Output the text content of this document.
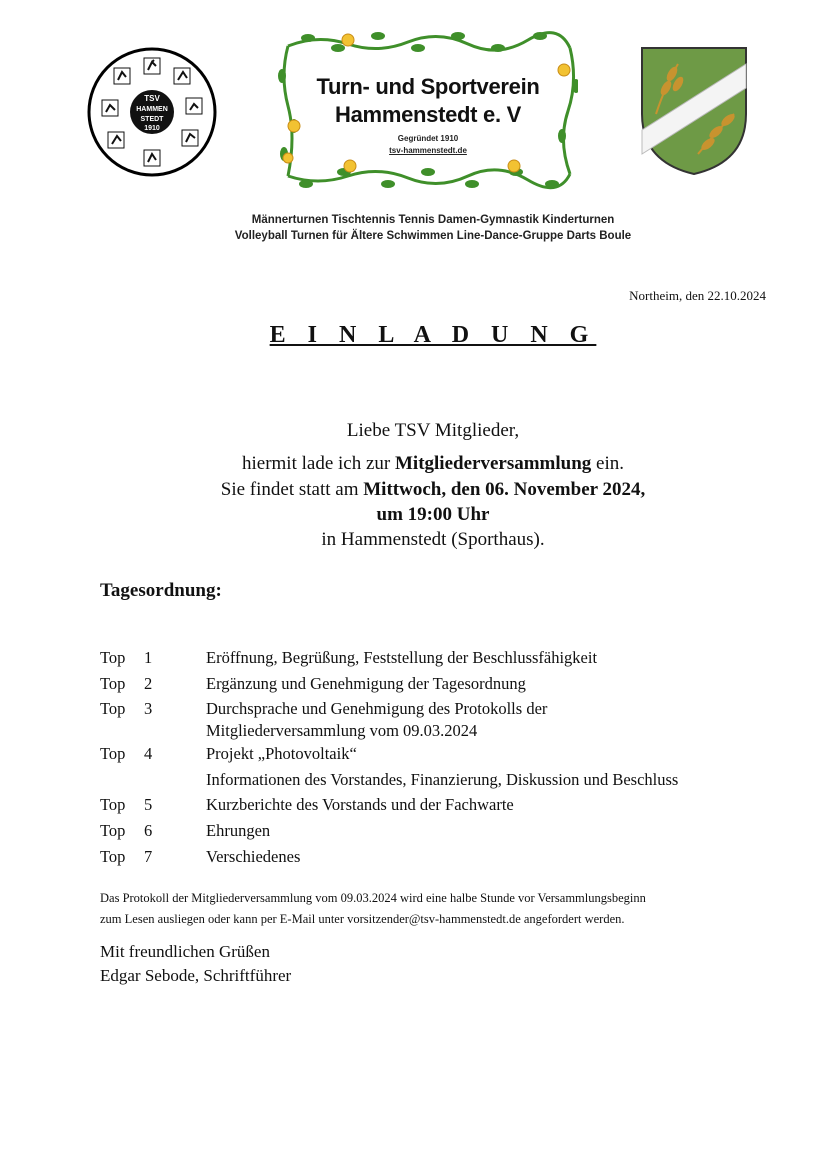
TSV
HAMMEN
STEDT
1910
Turn- und Sportverein
Hammenstedt e. V
Gegründet 1910
tsv-hammenstedt.de
Männerturnen Tischtennis Tennis Damen-Gymnastik Kinderturnen
Volleyball Turnen für Ältere Schwimmen Line-Dance-Gruppe Darts Boule
Northeim, den 22.10.2024
E I N L A D U N G
Liebe TSV Mitglieder,
hiermit lade ich zur Mitgliederversammlung ein.
Sie findet statt am Mittwoch, den 06. November 2024,
um 19:00 Uhr
in Hammenstedt (Sporthaus).
Tagesordnung:
Top	1	Eröffnung, Begrüßung, Feststellung der Beschlussfähigkeit
Top	2	Ergänzung und Genehmigung der Tagesordnung
Top	3	Durchsprache und Genehmigung des Protokolls der
Mitgliederversammlung vom 09.03.2024
Top	4	Projekt „Photovoltaik“
Informationen des Vorstandes, Finanzierung, Diskussion und Beschluss
Top	5	Kurzberichte des Vorstands und der Fachwarte
Top	6	Ehrungen
Top	7	Verschiedenes
Das Protokoll der Mitgliederversammlung vom 09.03.2024 wird eine halbe Stunde vor Versammlungsbeginn
zum Lesen ausliegen oder kann per E-Mail unter vorsitzender@tsv-hammenstedt.de angefordert werden.
Mit freundlichen Grüßen
Edgar Sebode, Schriftführer
